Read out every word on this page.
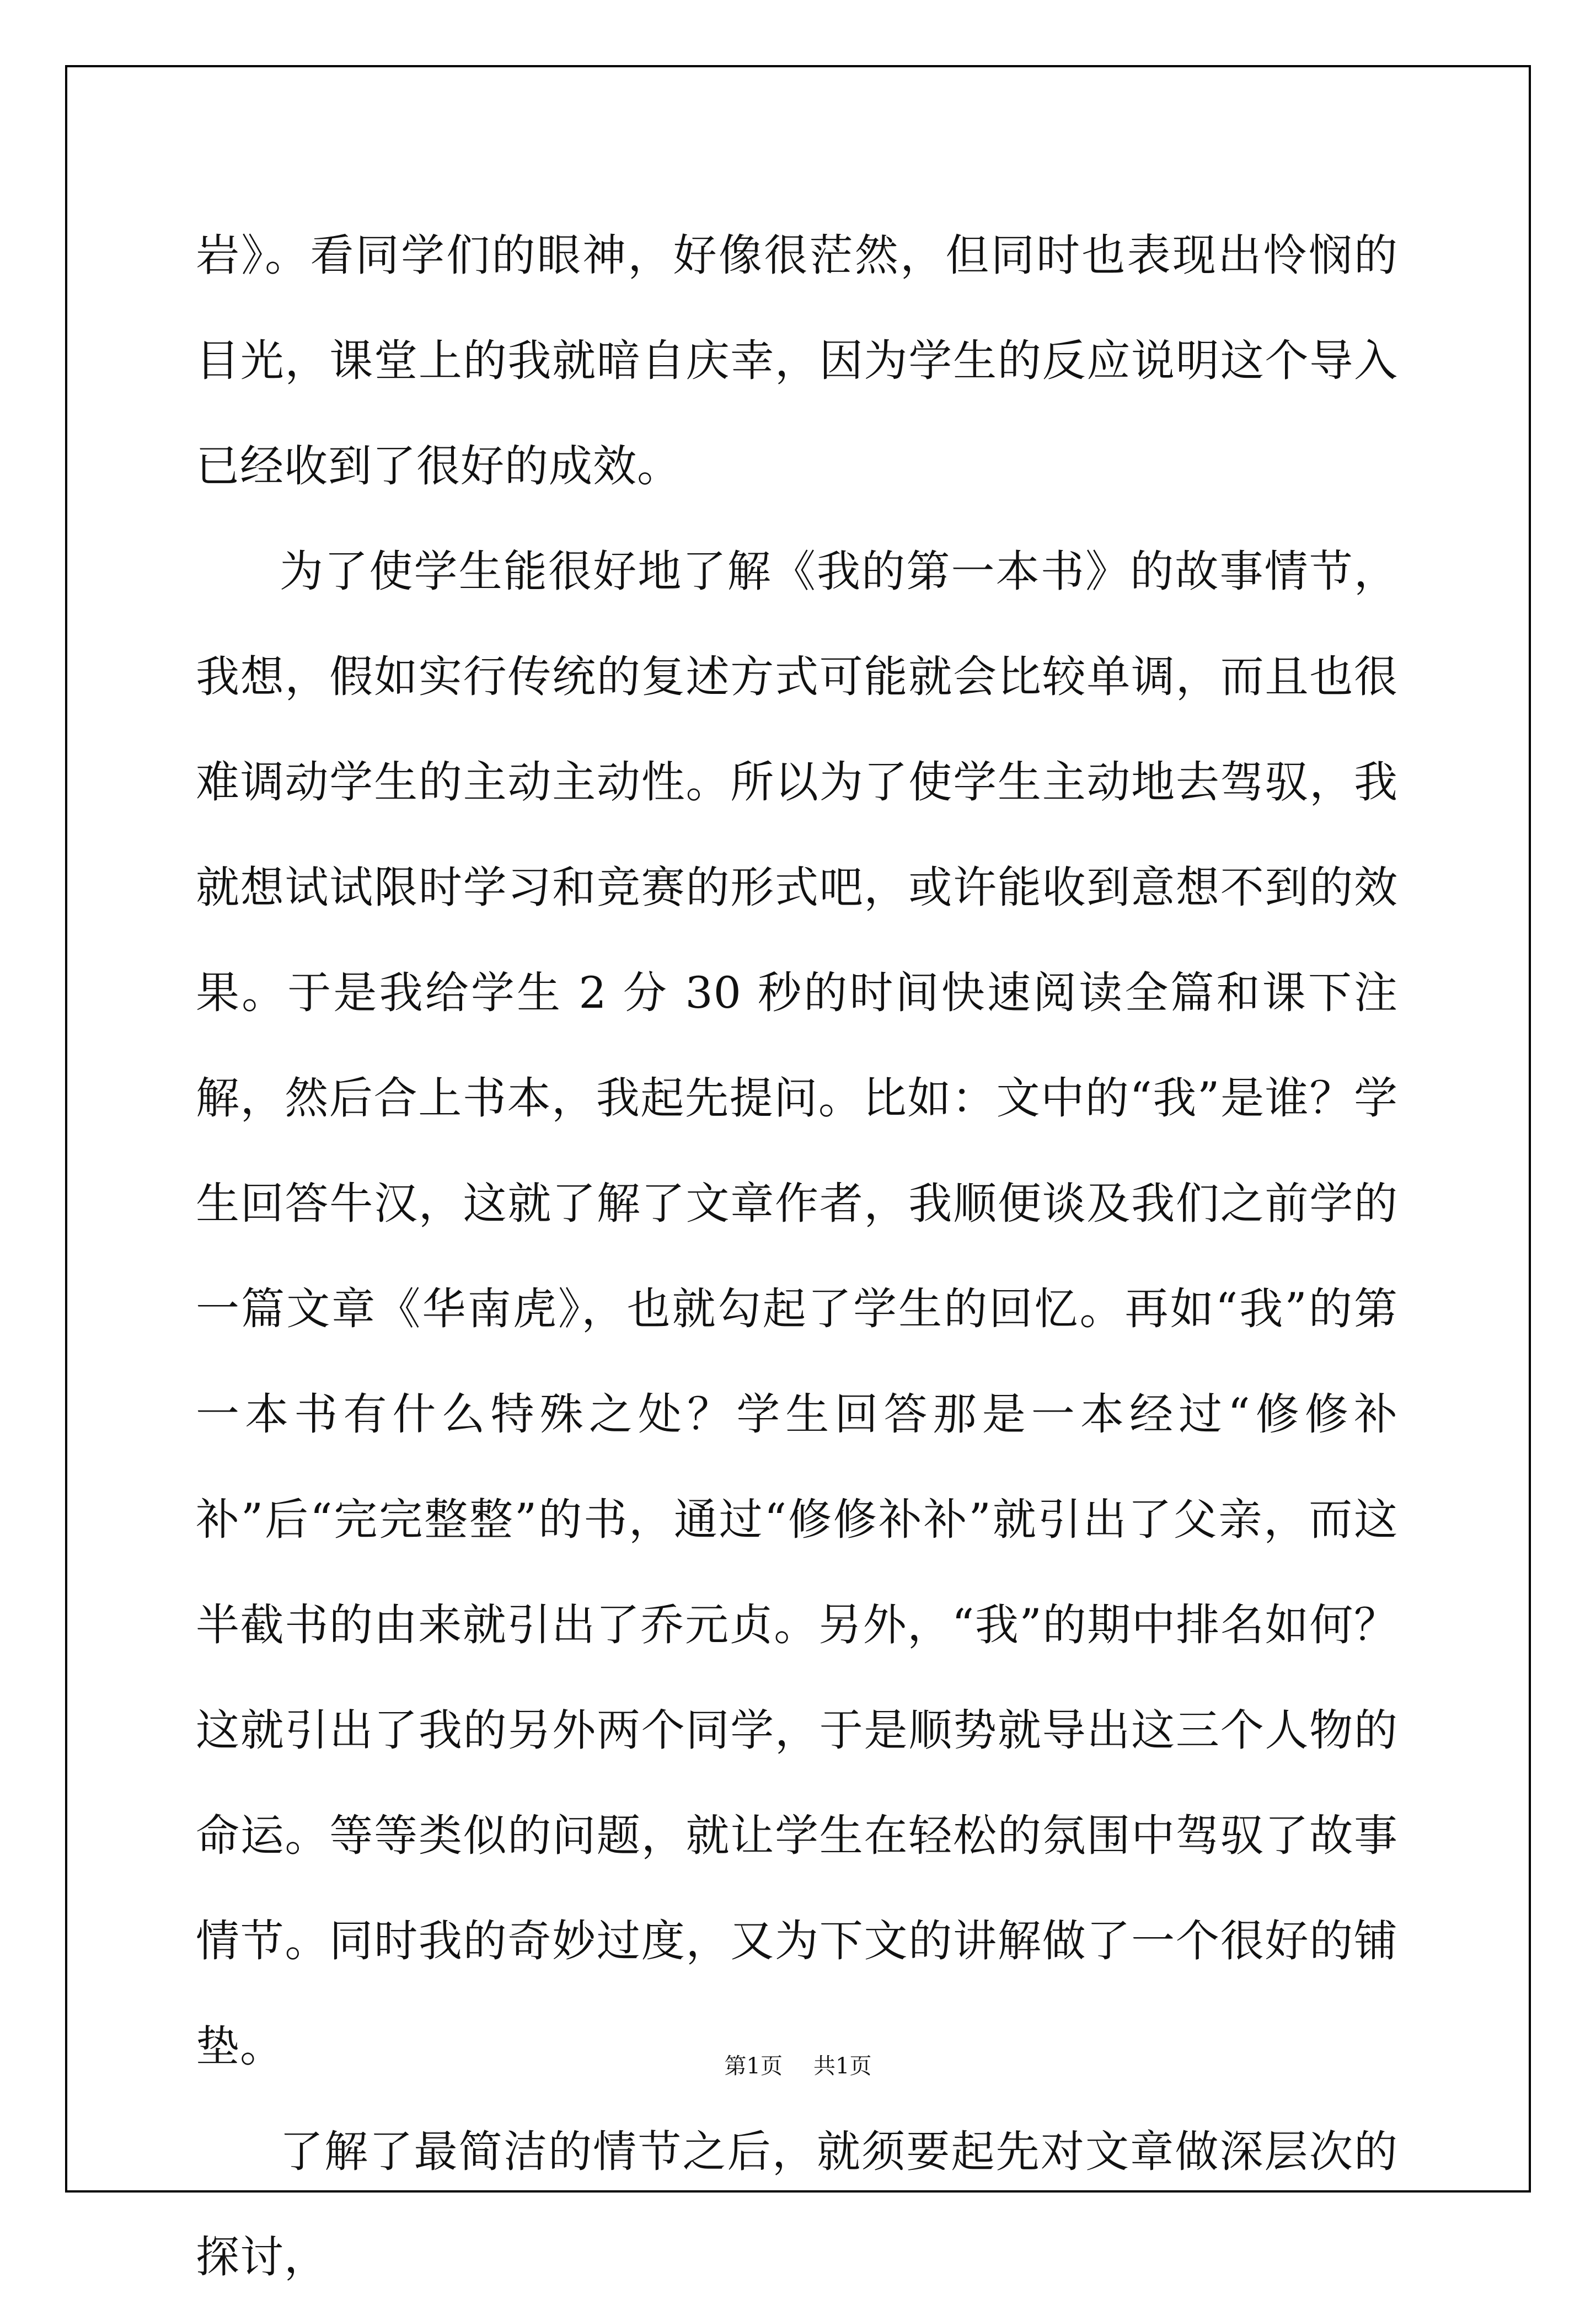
岩》。看同学们的眼神，好像很茫然，但同时也表现出怜悯的目光，课堂上的我就暗自庆幸，因为学生的反应说明这个导入已经收到了很好的成效。

为了使学生能很好地了解《我的第一本书》的故事情节，我想，假如实行传统的复述方式可能就会比较单调，而且也很难调动学生的主动主动性。所以为了使学生主动地去驾驭，我就想试试限时学习和竞赛的形式吧，或许能收到意想不到的效果。于是我给学生 2 分 30 秒的时间快速阅读全篇和课下注解，然后合上书本，我起先提问。比如：文中的“我”是谁？学生回答牛汉，这就了解了文章作者，我顺便谈及我们之前学的一篇文章《华南虎》，也就勾起了学生的回忆。再如“我”的第一本书有什么特殊之处？学生回答那是一本经过“修修补补”后“完完整整”的书，通过“修修补补”就引出了父亲，而这半截书的由来就引出了乔元贞。另外，“我”的期中排名如何？这就引出了我的另外两个同学，于是顺势就导出这三个人物的命运。等等类似的问题，就让学生在轻松的氛围中驾驭了故事情节。同时我的奇妙过度，又为下文的讲解做了一个很好的铺垫。

了解了最简洁的情节之后，就须要起先对文章做深层次的探讨，

第1页 共1页
